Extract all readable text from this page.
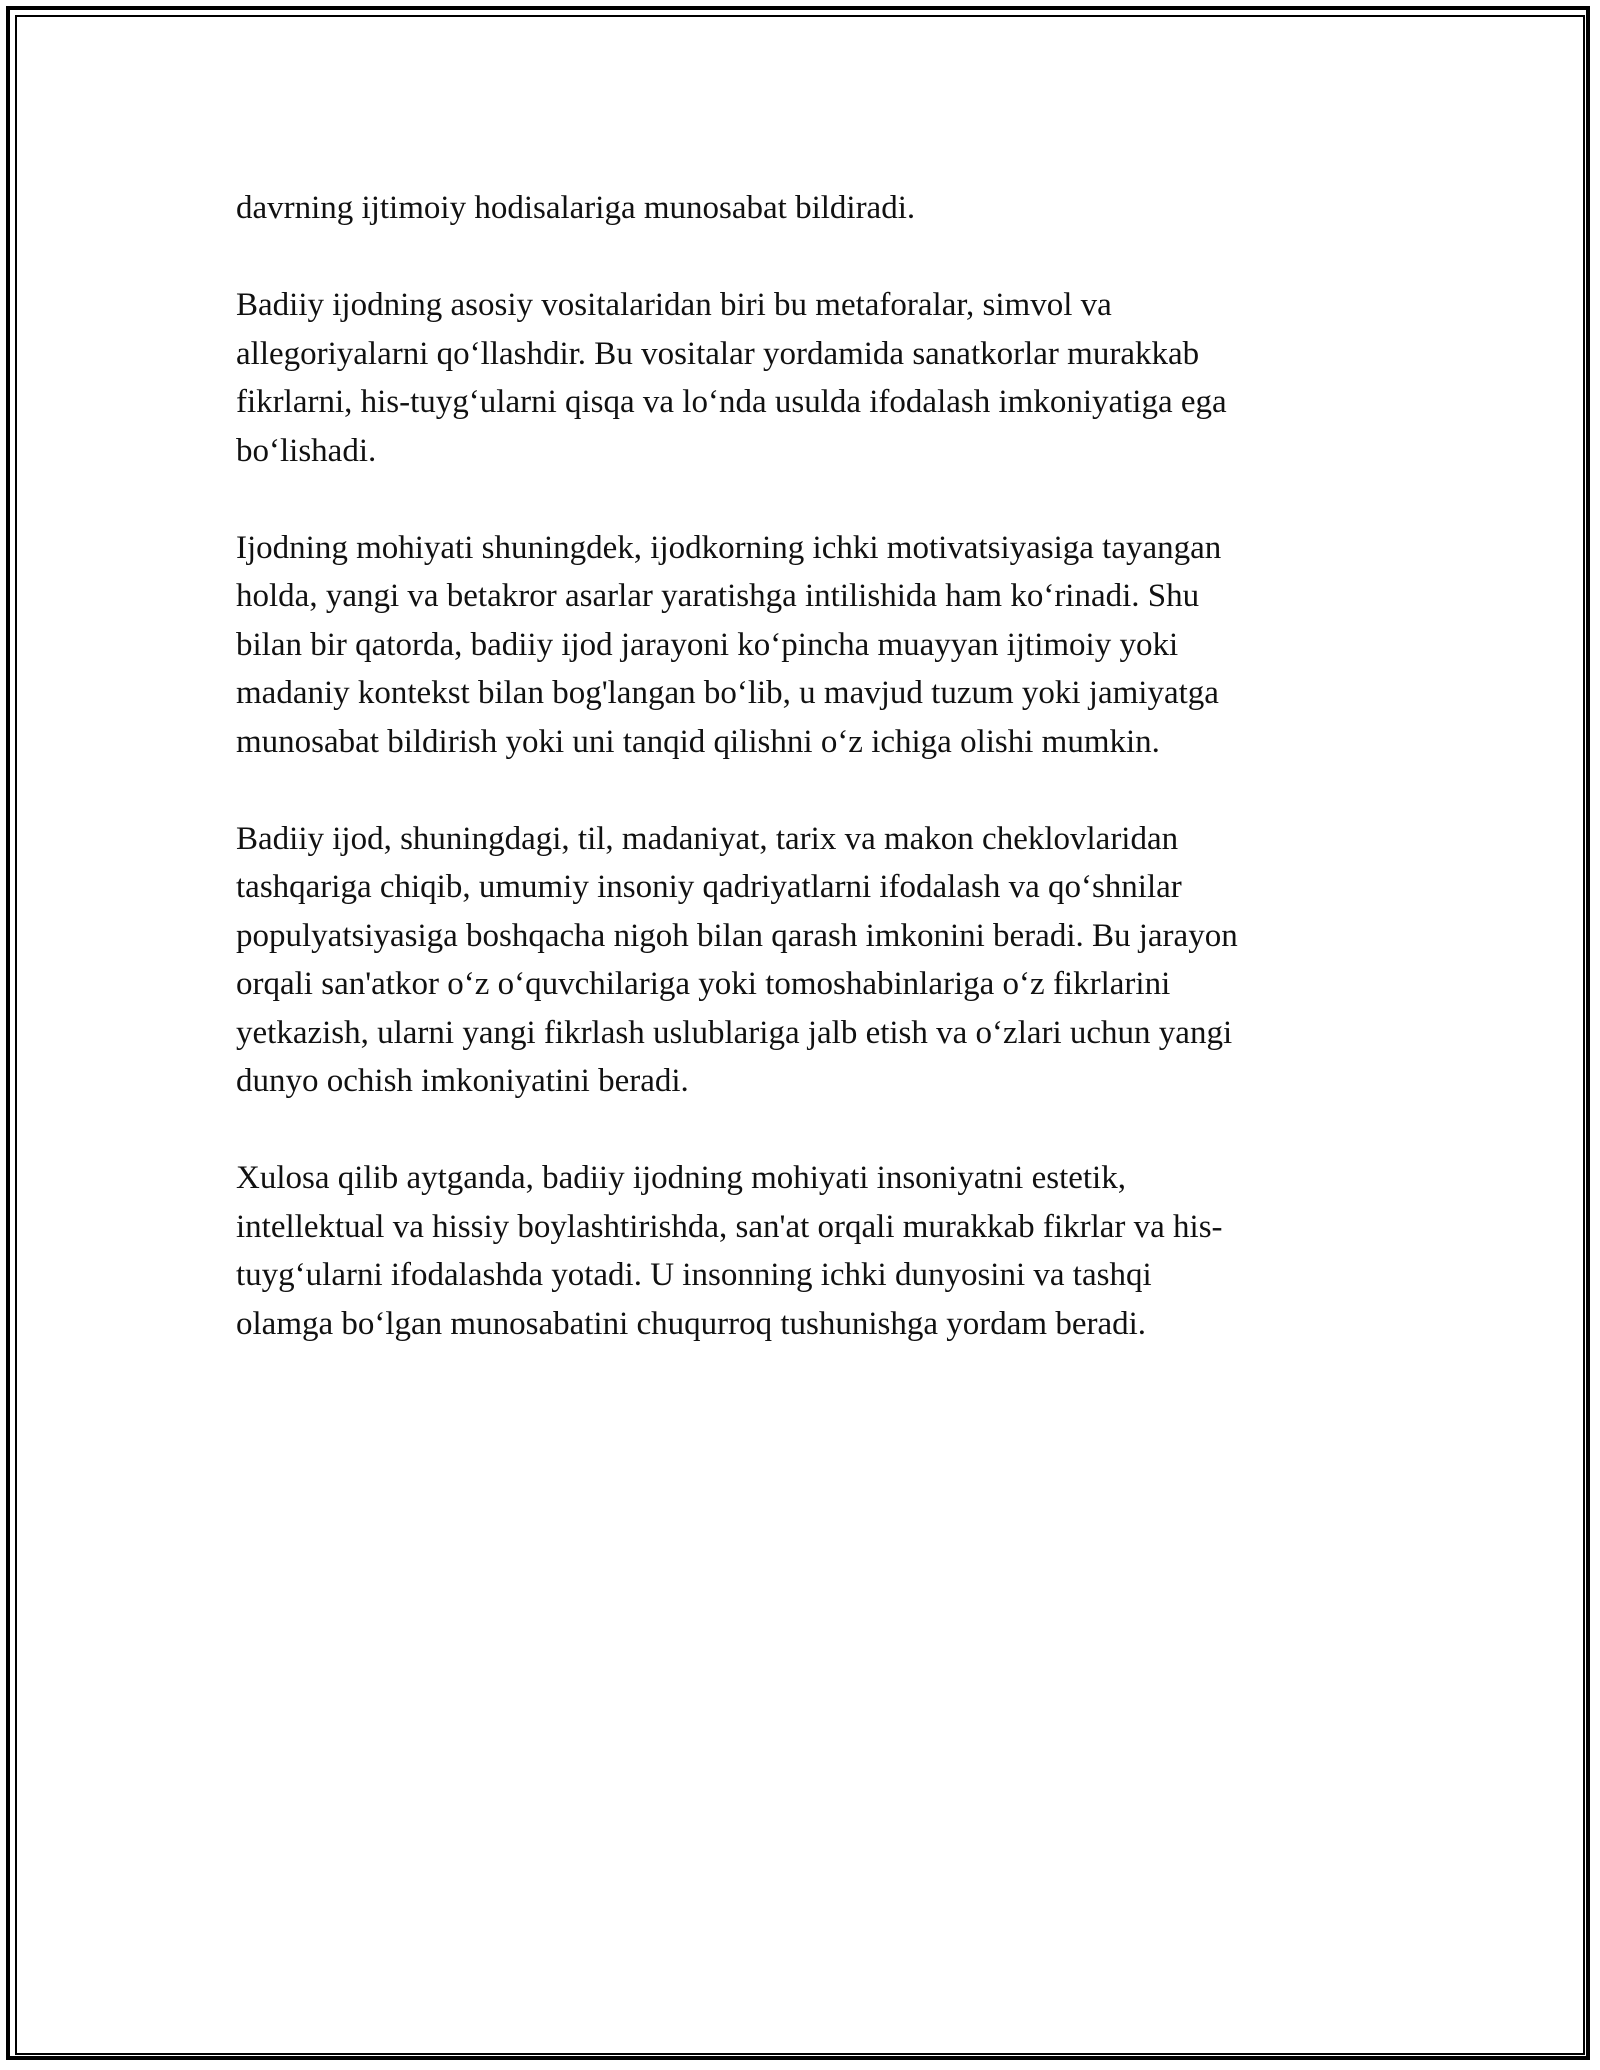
davrning ijtimoiy hodisalariga munosabat bildiradi.

Badiiy ijodning asosiy vositalaridan biri bu metaforalar, simvol va
allegoriyalarni qo‘llashdir. Bu vositalar yordamida sanatkorlar murakkab
fikrlarni, his-tuyg‘ularni qisqa va lo‘nda usulda ifodalash imkoniyatiga ega
bo‘lishadi.

Ijodning mohiyati shuningdek, ijodkorning ichki motivatsiyasiga tayangan
holda, yangi va betakror asarlar yaratishga intilishida ham ko‘rinadi. Shu
bilan bir qatorda, badiiy ijod jarayoni ko‘pincha muayyan ijtimoiy yoki
madaniy kontekst bilan bog'langan bo‘lib, u mavjud tuzum yoki jamiyatga
munosabat bildirish yoki uni tanqid qilishni o‘z ichiga olishi mumkin.

Badiiy ijod, shuningdagi, til, madaniyat, tarix va makon cheklovlaridan
tashqariga chiqib, umumiy insoniy qadriyatlarni ifodalash va qo‘shnilar
populyatsiyasiga boshqacha nigoh bilan qarash imkonini beradi. Bu jarayon
orqali san'atkor o‘z o‘quvchilariga yoki tomoshabinlariga o‘z fikrlarini
yetkazish, ularni yangi fikrlash uslublariga jalb etish va o‘zlari uchun yangi
dunyo ochish imkoniyatini beradi.

Xulosa qilib aytganda, badiiy ijodning mohiyati insoniyatni estetik,
intellektual va hissiy boylashtirishda, san'at orqali murakkab fikrlar va his-
tuyg‘ularni ifodalashda yotadi. U insonning ichki dunyosini va tashqi
olamga bo‘lgan munosabatini chuqurroq tushunishga yordam beradi.
